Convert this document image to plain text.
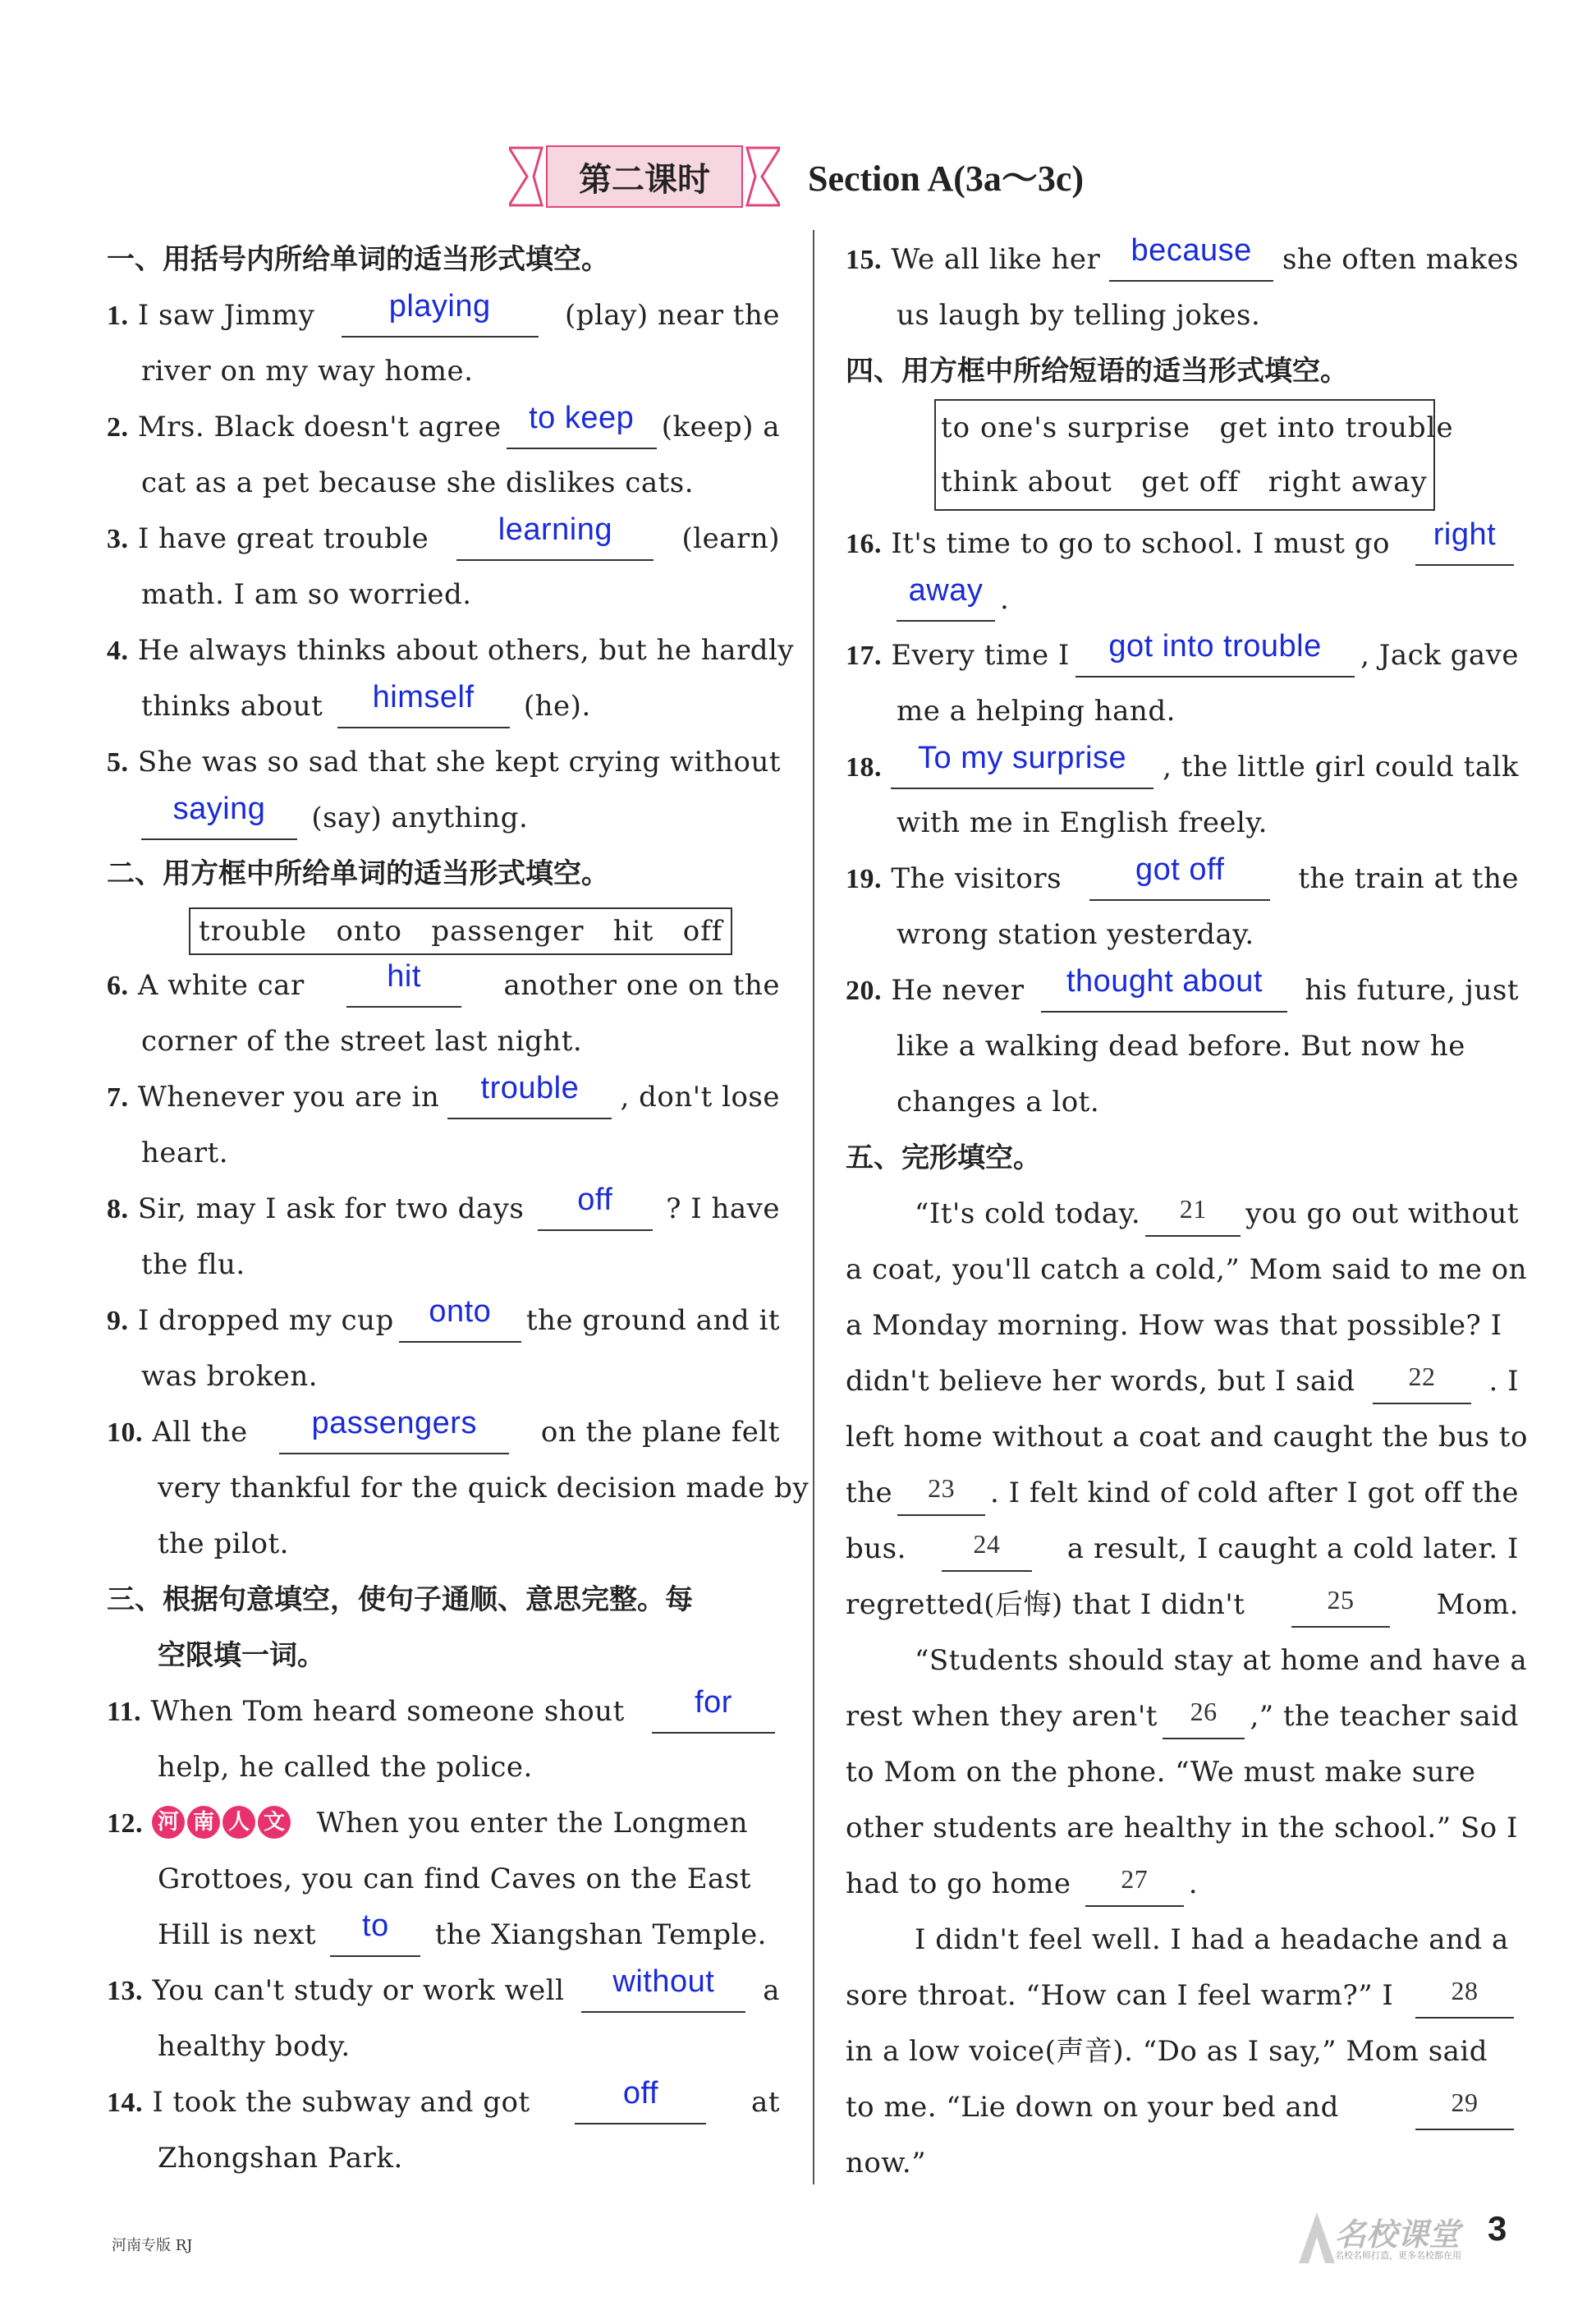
第二课时	Section A(3a～3c)
一、用括号内所给单词的适当形式填空。
1. I saw Jimmy	playing	(play) near the
river on my way home.
2. Mrs. Black doesn't agree to keep (keep) a
cat as a pet because she dislikes cats.
3. I have great trouble	learning	(learn)
math. I am so worried.
4. He always thinks about others, but he hardly
thinks about himself (he).
5. She was so sad that she kept crying without
saying (say) anything.
二、用方框中所给单词的适当形式填空。
trouble   onto   passenger   hit   off
6. A white car	hit	another one on the
corner of the street last night.
7. Whenever you are in	trouble	, don't lose
heart.
8. Sir, may I ask for two days	off	? I have
the flu.
9. I dropped my cup	onto	the ground and it
was broken.
10. All the	passengers	on the plane felt
very thankful for the quick decision made by
the pilot.
三、根据句意填空，使句子通顺、意思完整。每
空限填一词。
11. When Tom heard someone shout	for
help, he called the police.
12. 河 南 人 文 When you enter the Longmen
Grottoes, you can find Caves on the East
Hill is next to the Xiangshan Temple.
13. You can't study or work well	without	a
healthy body.
14. I took the subway and got	off	at
Zhongshan Park.
15. We all like her because	she often makes
us laugh by telling jokes.
四、用方框中所给短语的适当形式填空。
to one's surprise   get into trouble
think about   get off   right away
16. It's time to go to school. I must go	right
away .
17. Every time I	got into trouble	, Jack gave
me a helping hand.
18.	To my surprise	, the little girl could talk
with me in English freely.
19. The visitors	got off	the train at the
wrong station yesterday.
20. He never	thought about	his future, just
like a walking dead before. But now he
changes a lot.
五、完形填空。
“It's cold today.	21	you go out without
a coat, you'll catch a cold,” Mom said to me on
a Monday morning. How was that possible? I
didn't believe her words, but I said	22	. I
left home without a coat and caught the bus to
the	23	. I felt kind of cold after I got off the
bus.	24	a result, I caught a cold later. I
regretted(后悔) that I didn't	25	Mom.
“Students should stay at home and have a
rest when they aren't	26	,” the teacher said
to Mom on the phone. “We must make sure
other students are healthy in the school.” So I
had to go home 27 .
I didn't feel well. I had a headache and a
sore throat. “How can I feel warm?” I	28
in a low voice(声音). “Do as I say,” Mom said
to me. “Lie down on your bed and	29
now.”
河南专版 RJ	名校课堂
名校名师打造，更多名校都在用
3
